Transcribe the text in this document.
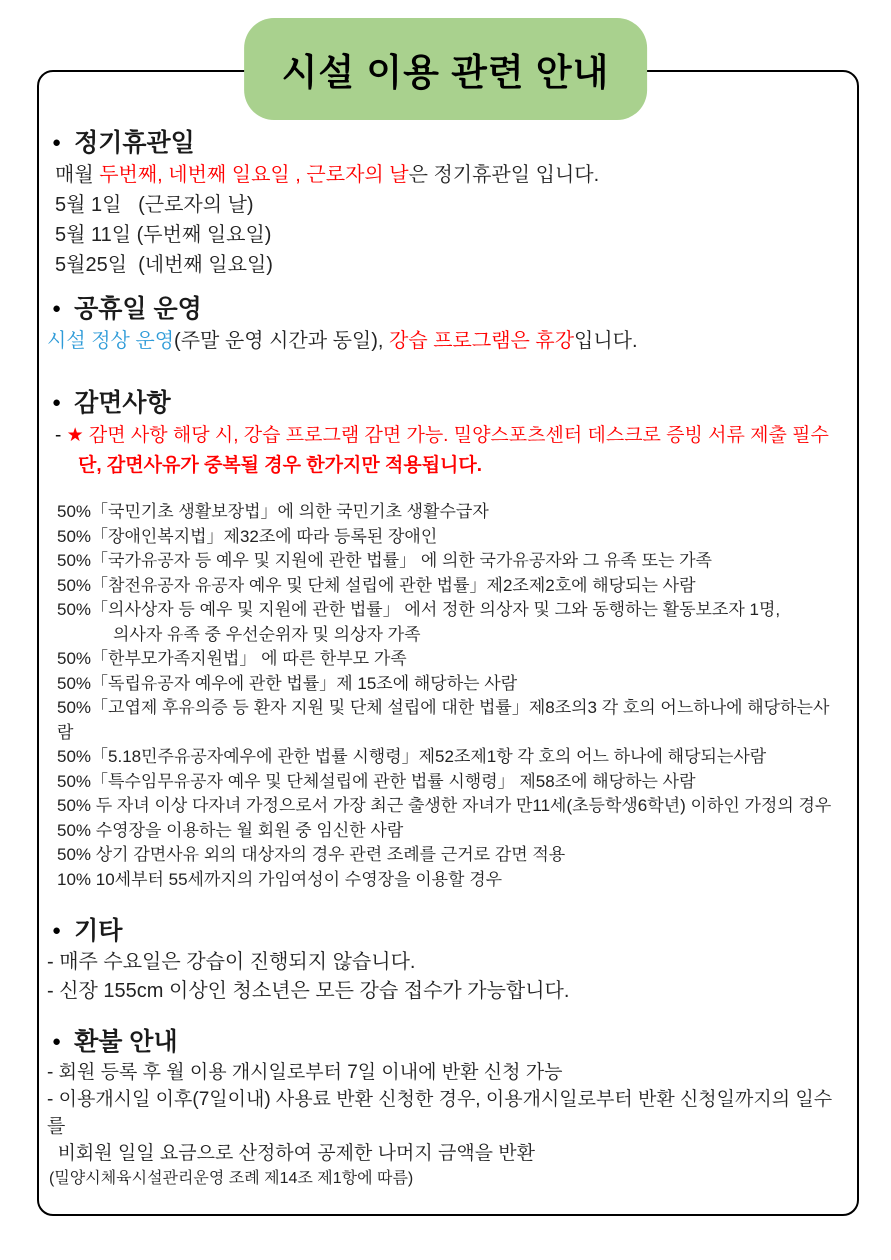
시설 이용 관련 안내

● 정기휴관일

매월 두번째, 네번째 일요일 , 근로자의 날은 정기휴관일 입니다.

5월 1일   (근로자의 날)

5월 11일 (두번째 일요일)

5월25일  (네번째 일요일)

● 공휴일 운영

시설 정상 운영(주말 운영 시간과 동일), 강습 프로그램은 휴강입니다.

● 감면사항

- ★ 감면 사항 해당 시, 강습 프로그램 감면 가능. 밀양스포츠센터 데스크로 증빙 서류 제출 필수

단, 감면사유가 중복될 경우 한가지만 적용됩니다.

50%「국민기초 생활보장법」에 의한 국민기초 생활수급자

50%「장애인복지법」제32조에 따라 등록된 장애인

50%「국가유공자 등 예우 및 지원에 관한 법률」 에 의한 국가유공자와 그 유족 또는 가족

50%「참전유공자 유공자 예우 및 단체 설립에 관한 법률」제2조제2호에 해당되는 사람

50%「의사상자 등 예우 및 지원에 관한 법률」 에서 정한 의상자 및 그와 동행하는 활동보조자 1명,

의사자 유족 중 우선순위자 및 의상자 가족

50%「한부모가족지원법」 에 따른 한부모 가족

50%「독립유공자 예우에 관한 법률」제 15조에 해당하는 사람

50%「고엽제 후유의증 등 환자 지원 및 단체 설립에 대한 법률」제8조의3 각 호의 어느하나에 해당하는사람

50%「5.18민주유공자예우에 관한 법률 시행령」제52조제1항 각 호의 어느 하나에 해당되는사람

50%「특수임무유공자 예우 및 단체설립에 관한 법률 시행령」 제58조에 해당하는 사람

50% 두 자녀 이상 다자녀 가정으로서 가장 최근 출생한 자녀가 만11세(초등학생6학년) 이하인 가정의 경우

50% 수영장을 이용하는 월 회원 중 임신한 사람

50% 상기 감면사유 외의 대상자의 경우 관련 조례를 근거로 감면 적용

10% 10세부터 55세까지의 가임여성이 수영장을 이용할 경우

● 기타

- 매주 수요일은 강습이 진행되지 않습니다.

- 신장 155cm 이상인 청소년은 모든 강습 접수가 가능합니다.

● 환불 안내

- 회원 등록 후 월 이용 개시일로부터 7일 이내에 반환 신청 가능

- 이용개시일 이후(7일이내) 사용료 반환 신청한 경우, 이용개시일로부터 반환 신청일까지의 일수를

비회원 일일 요금으로 산정하여 공제한 나머지 금액을 반환

(밀양시체육시설관리운영 조례 제14조 제1항에 따름)
